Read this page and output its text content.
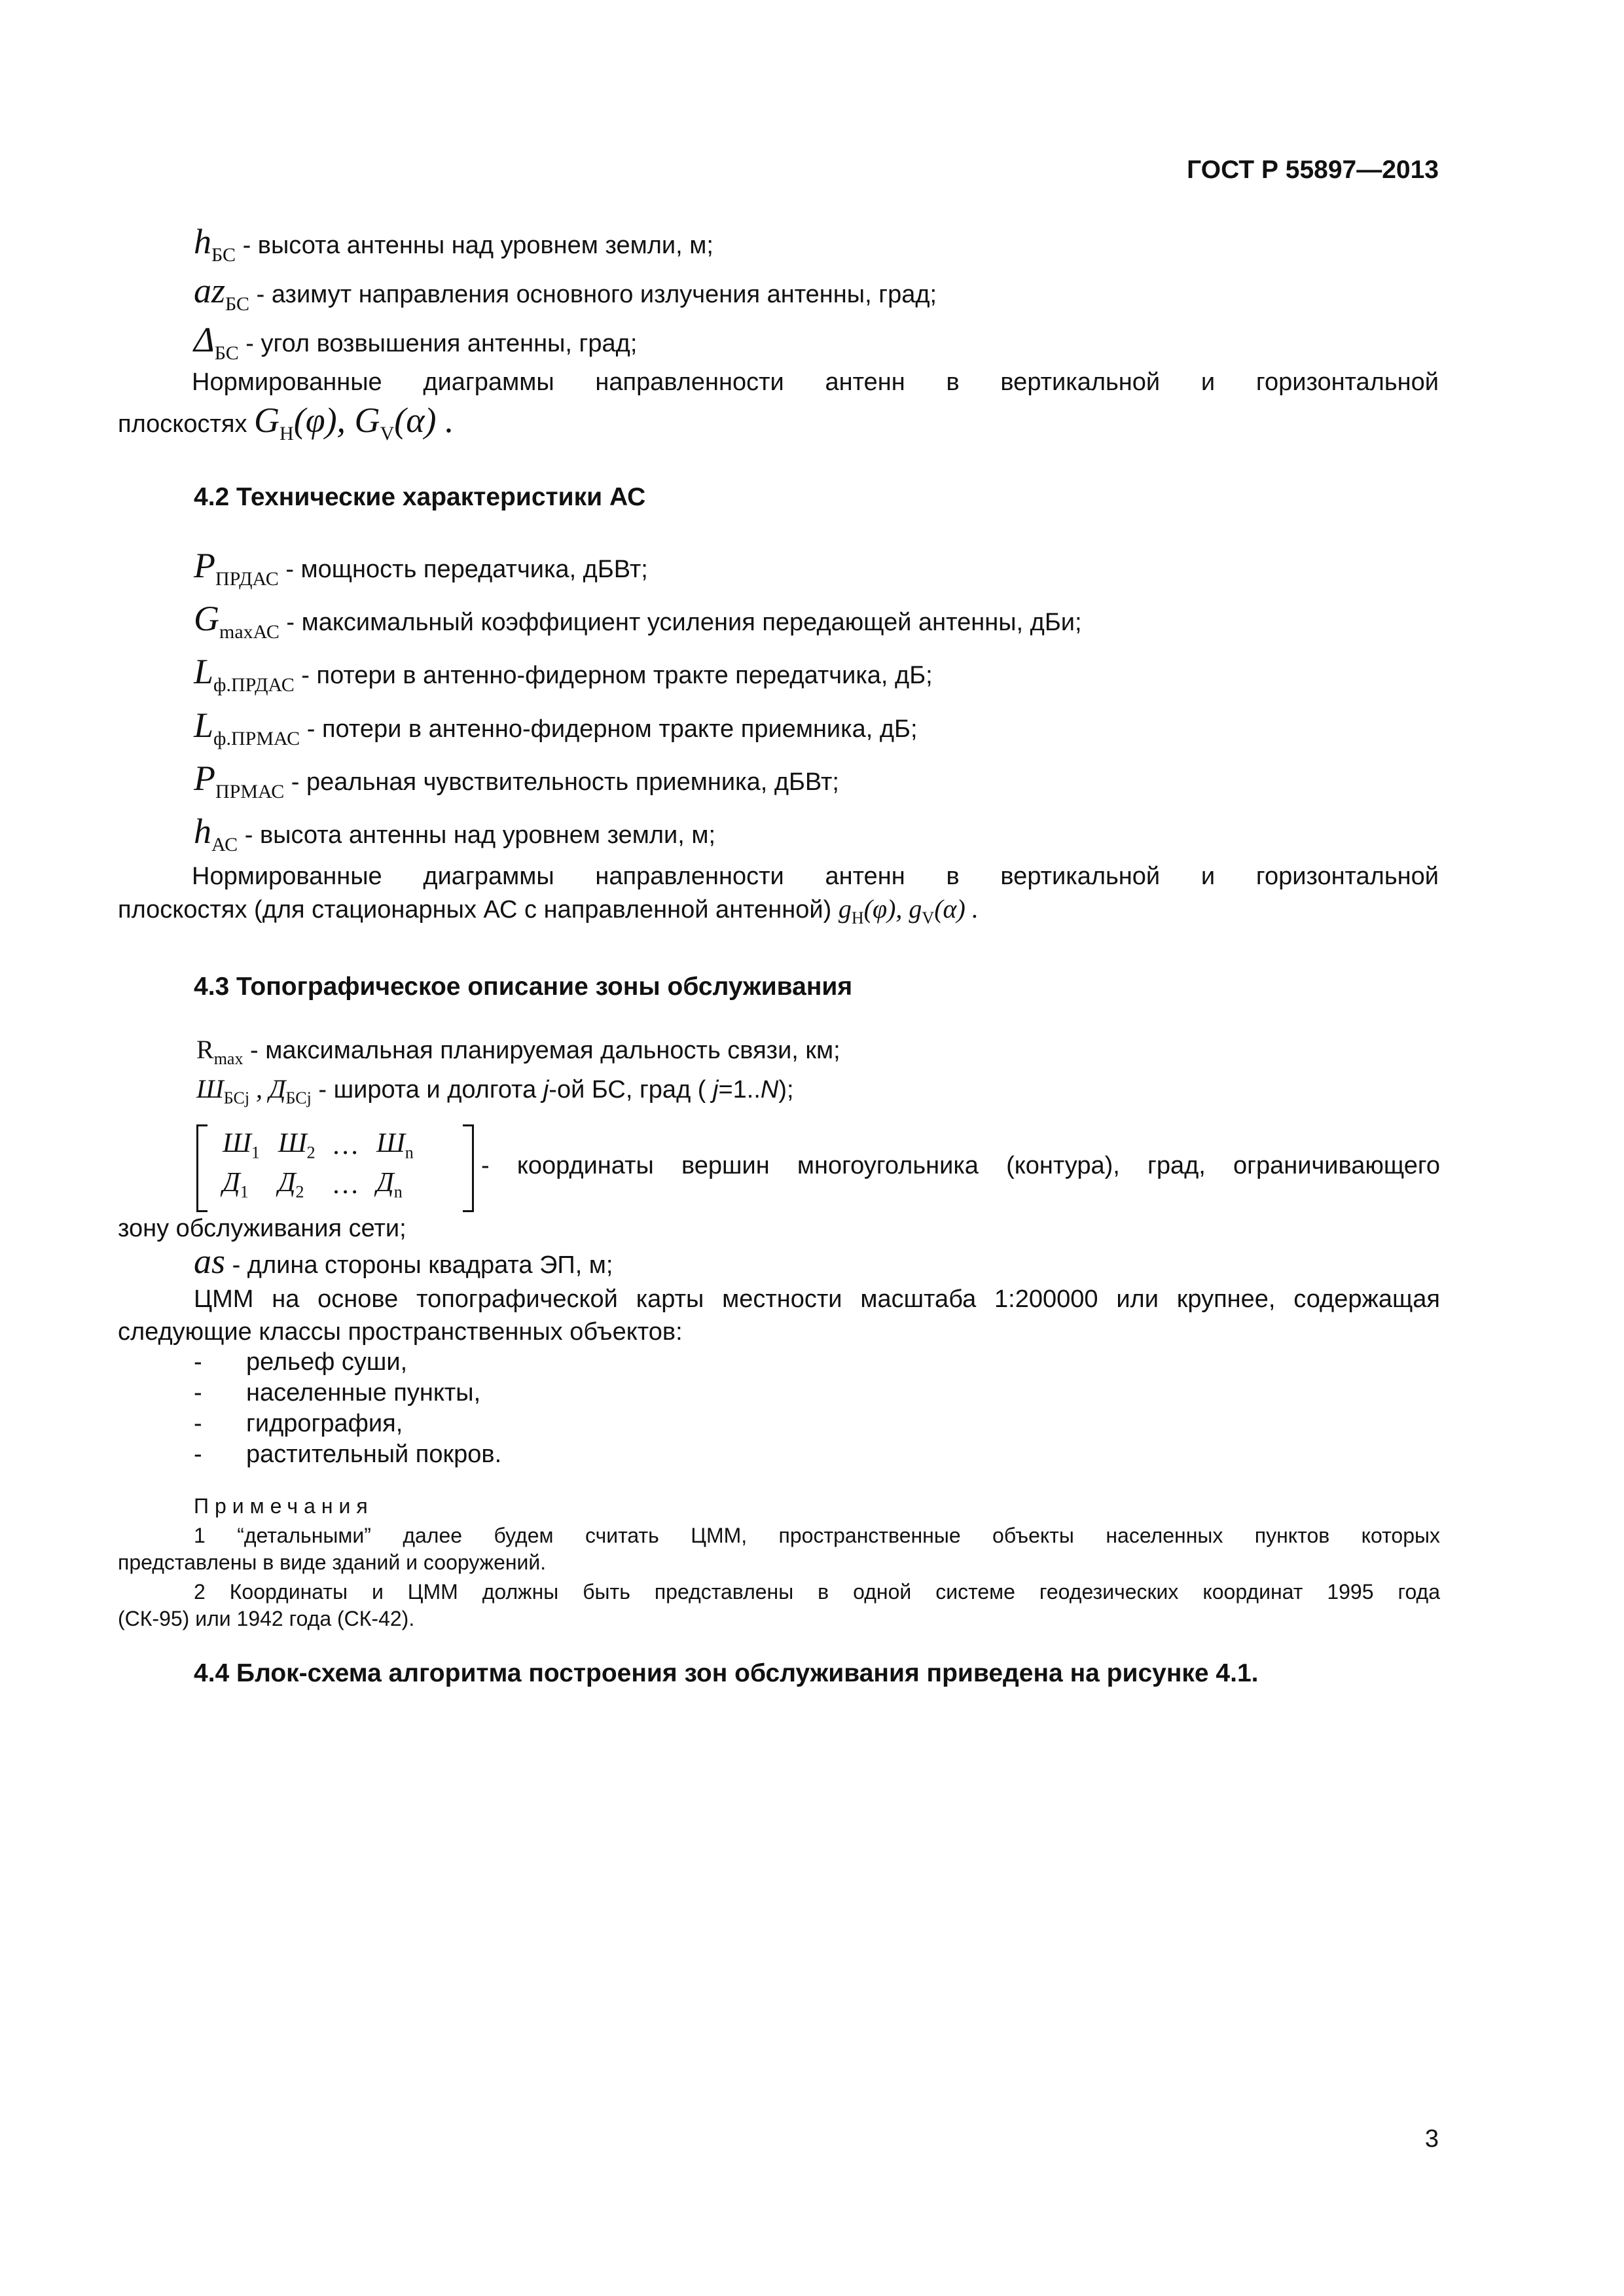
ГОСТ Р 55897—2013
$h_{БС}$ - высота антенны над уровнем земли, м;
$az_{БС}$ - азимут направления основного излучения антенны, град;
$\Delta_{БС}$ - угол возвышения антенны, град;
Нормированные диаграммы направленности антенн в вертикальной и горизонтальной
плоскостях $G_H(\varphi)$, $G_V(\alpha)$ .
4.2 Технические характеристики АС
$P_{ПРДАС}$ - мощность передатчика, дБВт;
$G_{maxАС}$ - максимальный коэффициент усиления передающей антенны, дБи;
$L_{ф.ПРДАС}$ - потери в антенно-фидерном тракте передатчика, дБ;
$L_{ф.ПРМАС}$ - потери в антенно-фидерном тракте приемника, дБ;
$P_{ПРМАС}$ - реальная чувствительность приемника, дБВт;
$h_{АС}$ - высота антенны над уровнем земли, м;
Нормированные диаграммы направленности антенн в вертикальной и горизонтальной
плоскостях (для стационарных АС с направленной антенной) $g_H(\varphi)$, $g_V(\alpha)$ .
4.3 Топографическое описание зоны обслуживания
$R_{max}$ - максимальная планируемая дальность связи, км;
$Ш_{БСj}$ , $Д_{БСj}$ - широта и долгота j-ой БС, град ( j=1..N);
$Ш_1$	$Ш_2$	…	$Ш_n$
$Д_1$	$Д_2$	…	$Д_n$
- координаты вершин многоугольника (контура), град, ограничивающего
зону обслуживания сети;
as - длина стороны квадрата ЭП, м;
ЦММ на основе топографической карты местности масштаба 1:200000 или крупнее, содержащая
следующие классы пространственных объектов:
- рельеф суши,
- населенные пункты,
- гидрография,
- растительный покров.
Примечания
1 “детальными” далее будем считать ЦММ, пространственные объекты населенных пунктов которых
представлены в виде зданий и сооружений.
2 Координаты и ЦММ должны быть представлены в одной системе геодезических координат 1995 года
(СК-95) или 1942 года (СК-42).
4.4 Блок-схема алгоритма построения зон обслуживания приведена на рисунке 4.1.
3
